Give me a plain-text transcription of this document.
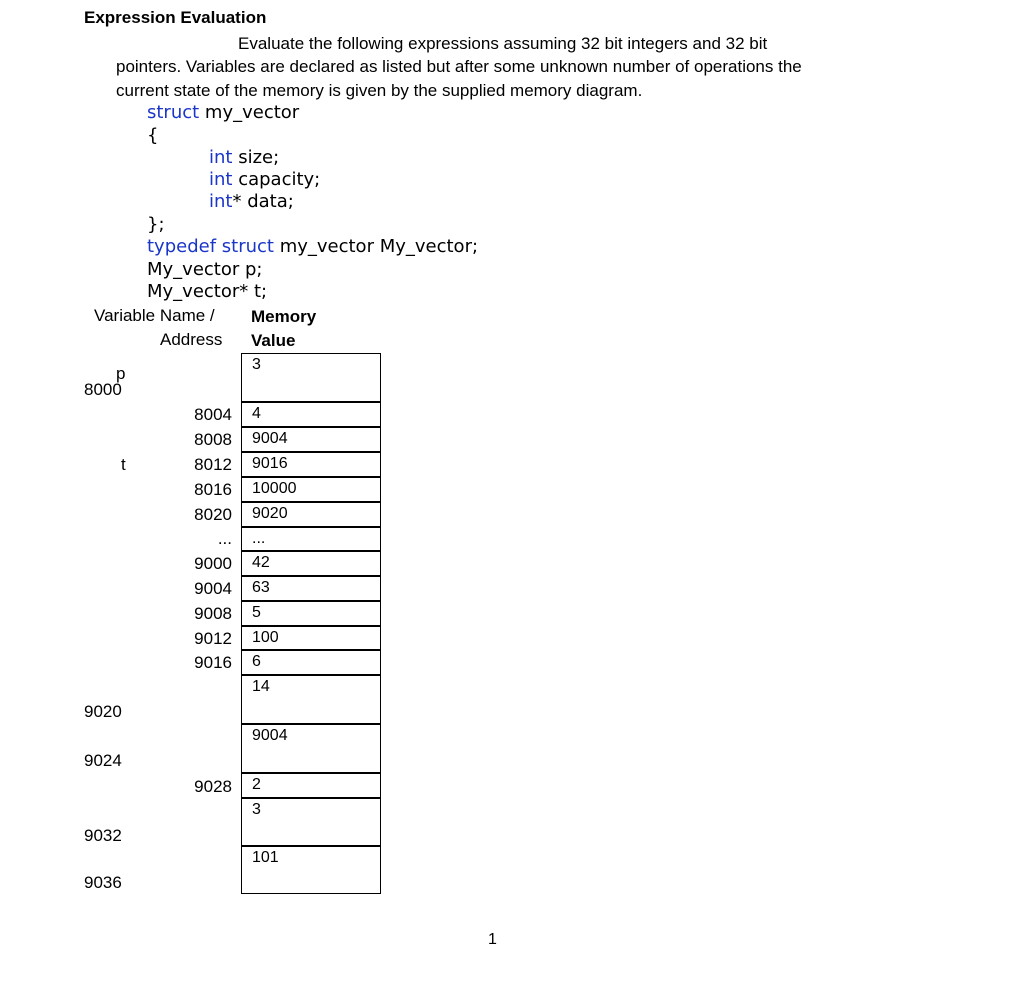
Expression Evaluation
Evaluate the following expressions assuming 32 bit integers and 32 bit
pointers. Variables are declared as listed but after some unknown number of operations the
current state of the memory is given by the supplied memory diagram.
struct my_vector
{
int size;
int capacity;
int* data;
};
typedef struct my_vector My_vector;
My_vector p;
My_vector* t;
Variable Name /
Address
Memory
Value
p
t
8000
9020
9024
9032
9036
8004
8008
8012
8016
8020
...
9000
9004
9008
9012
9016
9028
3
4
9004
9016
10000
9020
...
42
63
5
100
6
14
9004
2
3
101
1
